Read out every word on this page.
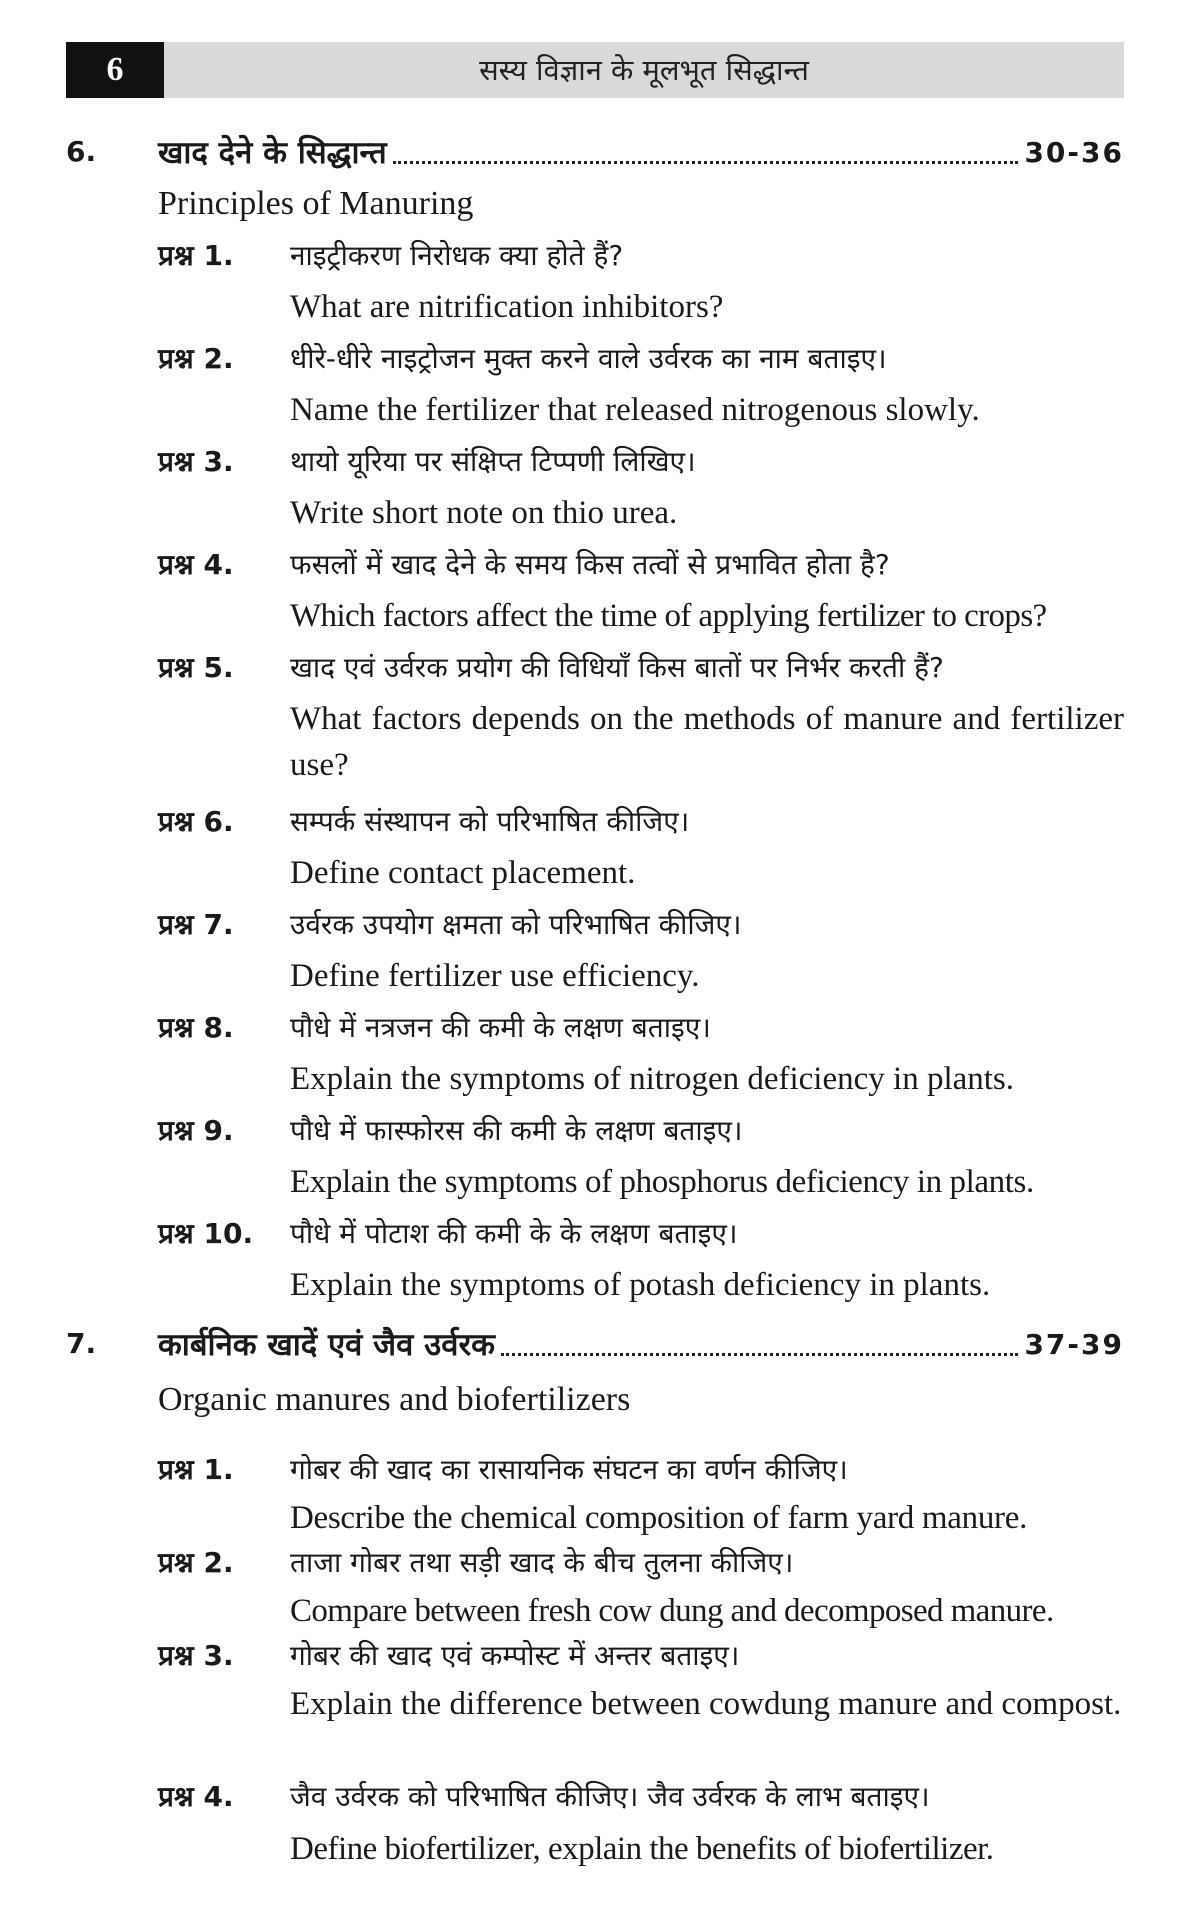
6	सस्य विज्ञान के मूलभूत सिद्धान्त
6. खाद देने के सिद्धान्त	30-36
Principles of Manuring
प्रश्न 1.	नाइट्रीकरण निरोधक क्या होते हैं?
What are nitrification inhibitors?
प्रश्न 2.	धीरे-धीरे नाइट्रोजन मुक्त करने वाले उर्वरक का नाम बताइए।
Name the fertilizer that released nitrogenous slowly.
प्रश्न 3.	थायो यूरिया पर संक्षिप्त टिप्पणी लिखिए।
Write short note on thio urea.
प्रश्न 4.	फसलों में खाद देने के समय किस तत्वों से प्रभावित होता है?
Which factors affect the time of applying fertilizer to crops?
प्रश्न 5.	खाद एवं उर्वरक प्रयोग की विधियाँ किस बातों पर निर्भर करती हैं?
What factors depends on the methods of manure and fertilizer use?
प्रश्न 6.	सम्पर्क संस्थापन को परिभाषित कीजिए।
Define contact placement.
प्रश्न 7.	उर्वरक उपयोग क्षमता को परिभाषित कीजिए।
Define fertilizer use efficiency.
प्रश्न 8.	पौधे में नत्रजन की कमी के लक्षण बताइए।
Explain the symptoms of nitrogen deficiency in plants.
प्रश्न 9.	पौधे में फास्फोरस की कमी के लक्षण बताइए।
Explain the symptoms of phosphorus deficiency in plants.
प्रश्न 10.	पौधे में पोटाश की कमी के के लक्षण बताइए।
Explain the symptoms of potash deficiency in plants.
7. कार्बनिक खादें एवं जैव उर्वरक	37-39
Organic manures and biofertilizers
प्रश्न 1.	गोबर की खाद का रासायनिक संघटन का वर्णन कीजिए।
Describe the chemical composition of farm yard manure.
प्रश्न 2.	ताजा गोबर तथा सड़ी खाद के बीच तुलना कीजिए।
Compare between fresh cow dung and decomposed manure.
प्रश्न 3.	गोबर की खाद एवं कम्पोस्ट में अन्तर बताइए।
Explain the difference between cowdung manure and compost.
प्रश्न 4.	जैव उर्वरक को परिभाषित कीजिए। जैव उर्वरक के लाभ बताइए।
Define biofertilizer, explain the benefits of biofertilizer.
